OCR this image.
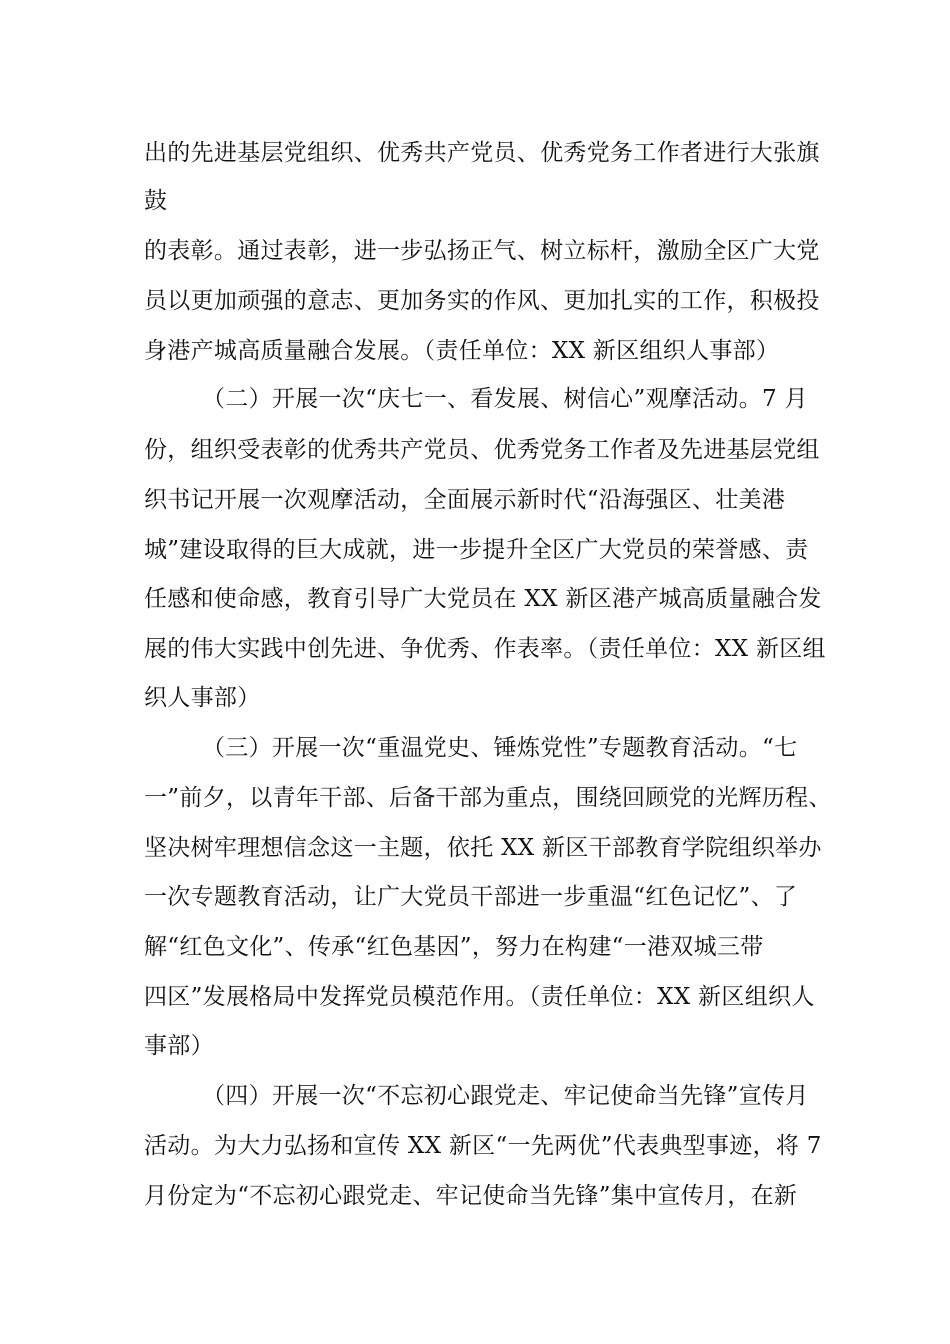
出的先进基层党组织、优秀共产党员、优秀党务工作者进行大张旗
鼓
的表彰。通过表彰，进一步弘扬正气、树立标杆，激励全区广大党
员以更加顽强的意志、更加务实的作风、更加扎实的工作，积极投
身港产城高质量融合发展。（责任单位：XX 新区组织人事部）
（二）开展一次“庆七一、看发展、树信心”观摩活动。7 月
份，组织受表彰的优秀共产党员、优秀党务工作者及先进基层党组
织书记开展一次观摩活动，全面展示新时代“沿海强区、壮美港
城”建设取得的巨大成就，进一步提升全区广大党员的荣誉感、责
任感和使命感，教育引导广大党员在 XX 新区港产城高质量融合发
展的伟大实践中创先进、争优秀、作表率。（责任单位：XX 新区组
织人事部）
（三）开展一次“重温党史、锤炼党性”专题教育活动。“七
一”前夕，以青年干部、后备干部为重点，围绕回顾党的光辉历程、
坚决树牢理想信念这一主题，依托 XX 新区干部教育学院组织举办
一次专题教育活动，让广大党员干部进一步重温“红色记忆”、了
解“红色文化”、传承“红色基因”，努力在构建“一港双城三带
四区”发展格局中发挥党员模范作用。（责任单位：XX 新区组织人
事部）
（四）开展一次“不忘初心跟党走、牢记使命当先锋”宣传月
活动。为大力弘扬和宣传 XX 新区“一先两优”代表典型事迹，将 7
月份定为“不忘初心跟党走、牢记使命当先锋”集中宣传月，在新
